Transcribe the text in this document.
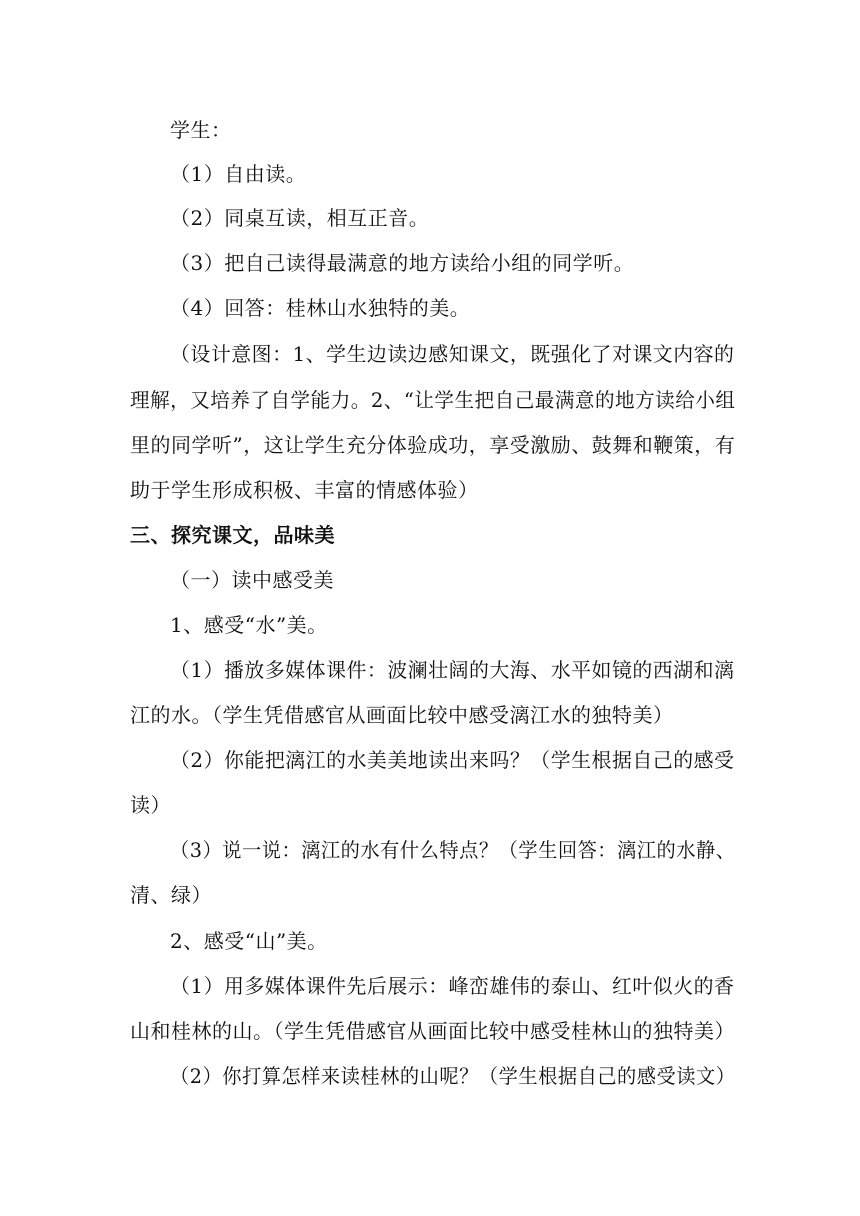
学生：
（1）自由读。
（2）同桌互读，相互正音。
（3）把自己读得最满意的地方读给小组的同学听。
（4）回答：桂林山水独特的美。
（设计意图：1、学生边读边感知课文，既强化了对课文内容的
理解，又培养了自学能力。2、“让学生把自己最满意的地方读给小组
里的同学听”，这让学生充分体验成功，享受激励、鼓舞和鞭策，有
助于学生形成积极、丰富的情感体验）
三、探究课文，品味美
（一）读中感受美
1、感受“水”美。
（1）播放多媒体课件：波澜壮阔的大海、水平如镜的西湖和漓
江的水。（学生凭借感官从画面比较中感受漓江水的独特美）
（2）你能把漓江的水美美地读出来吗？（学生根据自己的感受
读）
（3）说一说：漓江的水有什么特点？（学生回答：漓江的水静、
清、绿）
2、感受“山”美。
（1）用多媒体课件先后展示：峰峦雄伟的泰山、红叶似火的香
山和桂林的山。（学生凭借感官从画面比较中感受桂林山的独特美）
（2）你打算怎样来读桂林的山呢？（学生根据自己的感受读文）
